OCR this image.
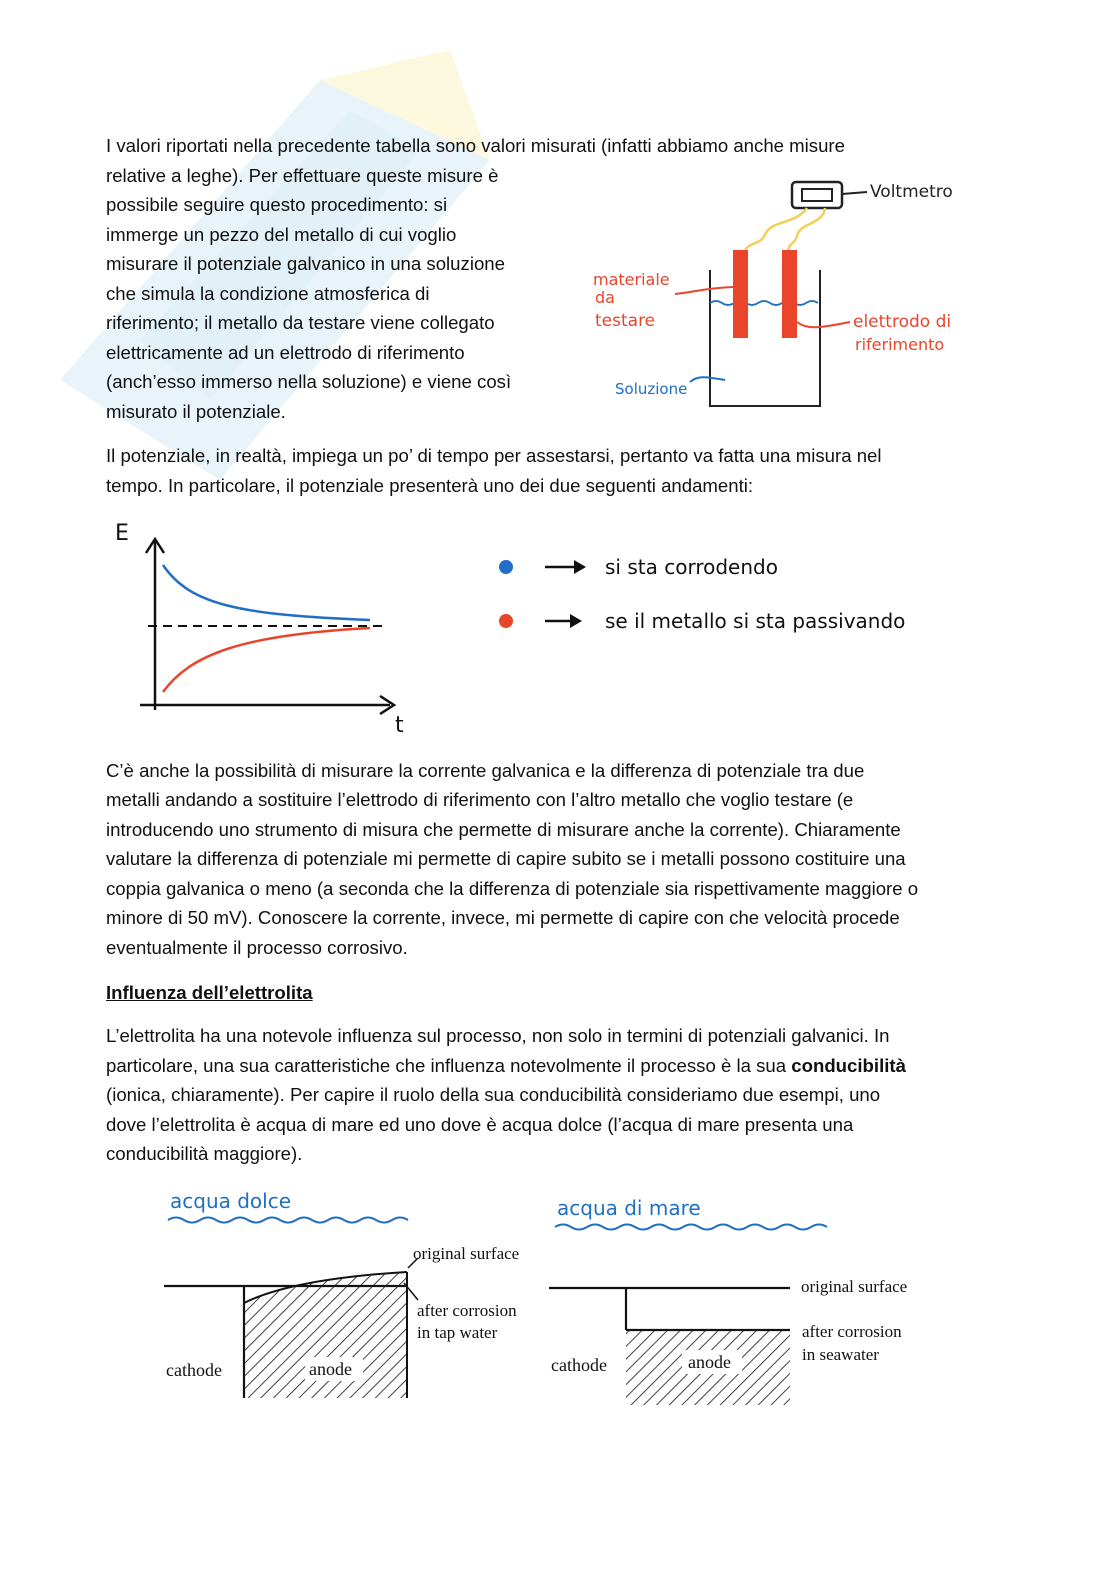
I valori riportati nella precedente tabella sono valori misurati (infatti abbiamo anche misure

relative a leghe). Per effettuare queste misure è

possibile seguire questo procedimento: si

immerge un pezzo del metallo di cui voglio

misurare il potenziale galvanico in una soluzione

che simula la condizione atmosferica di

riferimento; il metallo da testare viene collegato

elettricamente ad un elettrodo di riferimento

(anch’esso immerso nella soluzione) e viene così

misurato il potenziale.

Voltmetro
materiale
da
testare	elettrodo di
riferimento
Soluzione

Il potenziale, in realtà, impiega un po’ di tempo per assestarsi, pertanto va fatta una misura nel

tempo. In particolare, il potenziale presenterà uno dei due seguenti andamenti:

E
t
si sta corrodendo
se il metallo si sta passivando

C’è anche la possibilità di misurare la corrente galvanica e la differenza di potenziale tra due

metalli andando a sostituire l’elettrodo di riferimento con l’altro metallo che voglio testare (e

introducendo uno strumento di misura che permette di misurare anche la corrente). Chiaramente

valutare la differenza di potenziale mi permette di capire subito se i metalli possono costituire una

coppia galvanica o meno (a seconda che la differenza di potenziale sia rispettivamente maggiore o

minore di 50 mV). Conoscere la corrente, invece, mi permette di capire con che velocità procede

eventualmente il processo corrosivo.

Influenza dell’elettrolita

L’elettrolita ha una notevole influenza sul processo, non solo in termini di potenziali galvanici. In

particolare, una sua caratteristiche che influenza notevolmente il processo è la sua conducibilità

(ionica, chiaramente). Per capire il ruolo della sua conducibilità consideriamo due esempi, uno

dove l’elettrolita è acqua di mare ed uno dove è acqua dolce (l’acqua di mare presenta una

conducibilità maggiore).

acqua dolce
original surface
after corrosion
in tap water
cathode	anode
acqua di mare
anode
cathode
original surface
after corrosion
in seawater
